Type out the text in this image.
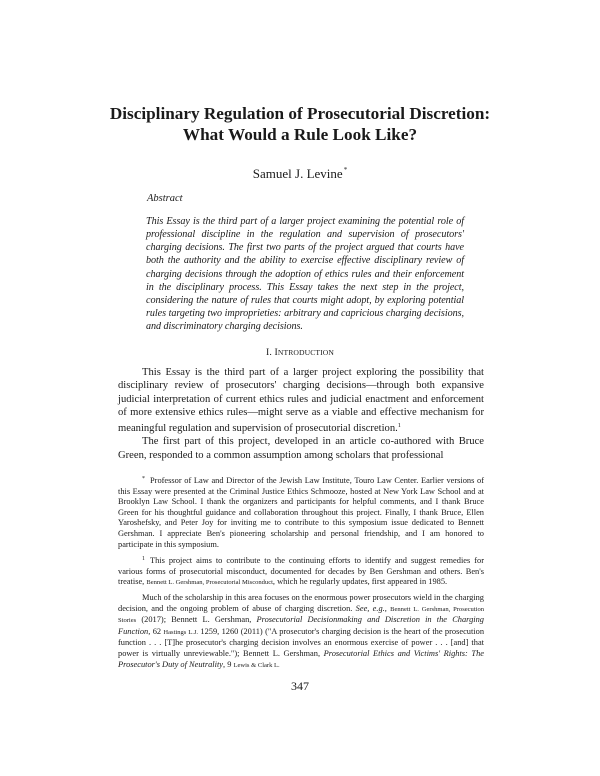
Disciplinary Regulation of Prosecutorial Discretion:
What Would a Rule Look Like?
Samuel J. Levine*
Abstract
This Essay is the third part of a larger project examining the potential role of professional discipline in the regulation and supervision of prosecutors' charging decisions. The first two parts of the project argued that courts have both the authority and the ability to exercise effective disciplinary review of charging decisions through the adoption of ethics rules and their enforcement in the disciplinary process. This Essay takes the next step in the project, considering the nature of rules that courts might adopt, by exploring potential rules targeting two improprieties: arbitrary and capricious charging decisions, and discriminatory charging decisions.
I. INTRODUCTION

This Essay is the third part of a larger project exploring the possibility that disciplinary review of prosecutors' charging decisions—through both expansive judicial interpretation of current ethics rules and judicial enactment and enforcement of more extensive ethics rules—might serve as a viable and effective mechanism for meaningful regulation and supervision of prosecutorial discretion.$^1$

The first part of this project, developed in an article co-authored with Bruce Green, responded to a common assumption among scholars that professional

* Professor of Law and Director of the Jewish Law Institute, Touro Law Center. Earlier versions of this Essay were presented at the Criminal Justice Ethics Schmooze, hosted at New York Law School and at Brooklyn Law School. I thank the organizers and participants for helpful comments, and I thank Bruce Green for his thoughtful guidance and collaboration throughout this project. Finally, I thank Bruce, Ellen Yaroshefsky, and Peter Joy for inviting me to contribute to this symposium issue dedicated to Bennett Gershman. I appreciate Ben's pioneering scholarship and personal friendship, and I am honored to participate in this symposium.

$^1$ This project aims to contribute to the continuing efforts to identify and suggest remedies for various forms of prosecutorial misconduct, documented for decades by Ben Gershman and others. Ben's treatise, Bennett L. Gershman, Prosecutorial Misconduct, which he regularly updates, first appeared in 1985.

Much of the scholarship in this area focuses on the enormous power prosecutors wield in the charging decision, and the ongoing problem of abuse of charging discretion. See, e.g., Bennett L. Gershman, Prosecution Stories (2017); Bennett L. Gershman, Prosecutorial Decisionmaking and Discretion in the Charging Function, 62 Hastings L.J. 1259, 1260 (2011) ("A prosecutor's charging decision is the heart of the prosecution function . . . [T]he prosecutor's charging decision involves an enormous exercise of power . . . [and] that power is virtually unreviewable."); Bennett L. Gershman, Prosecutorial Ethics and Victims' Rights: The Prosecutor's Duty of Neutrality, 9 Lewis & Clark L.

347
